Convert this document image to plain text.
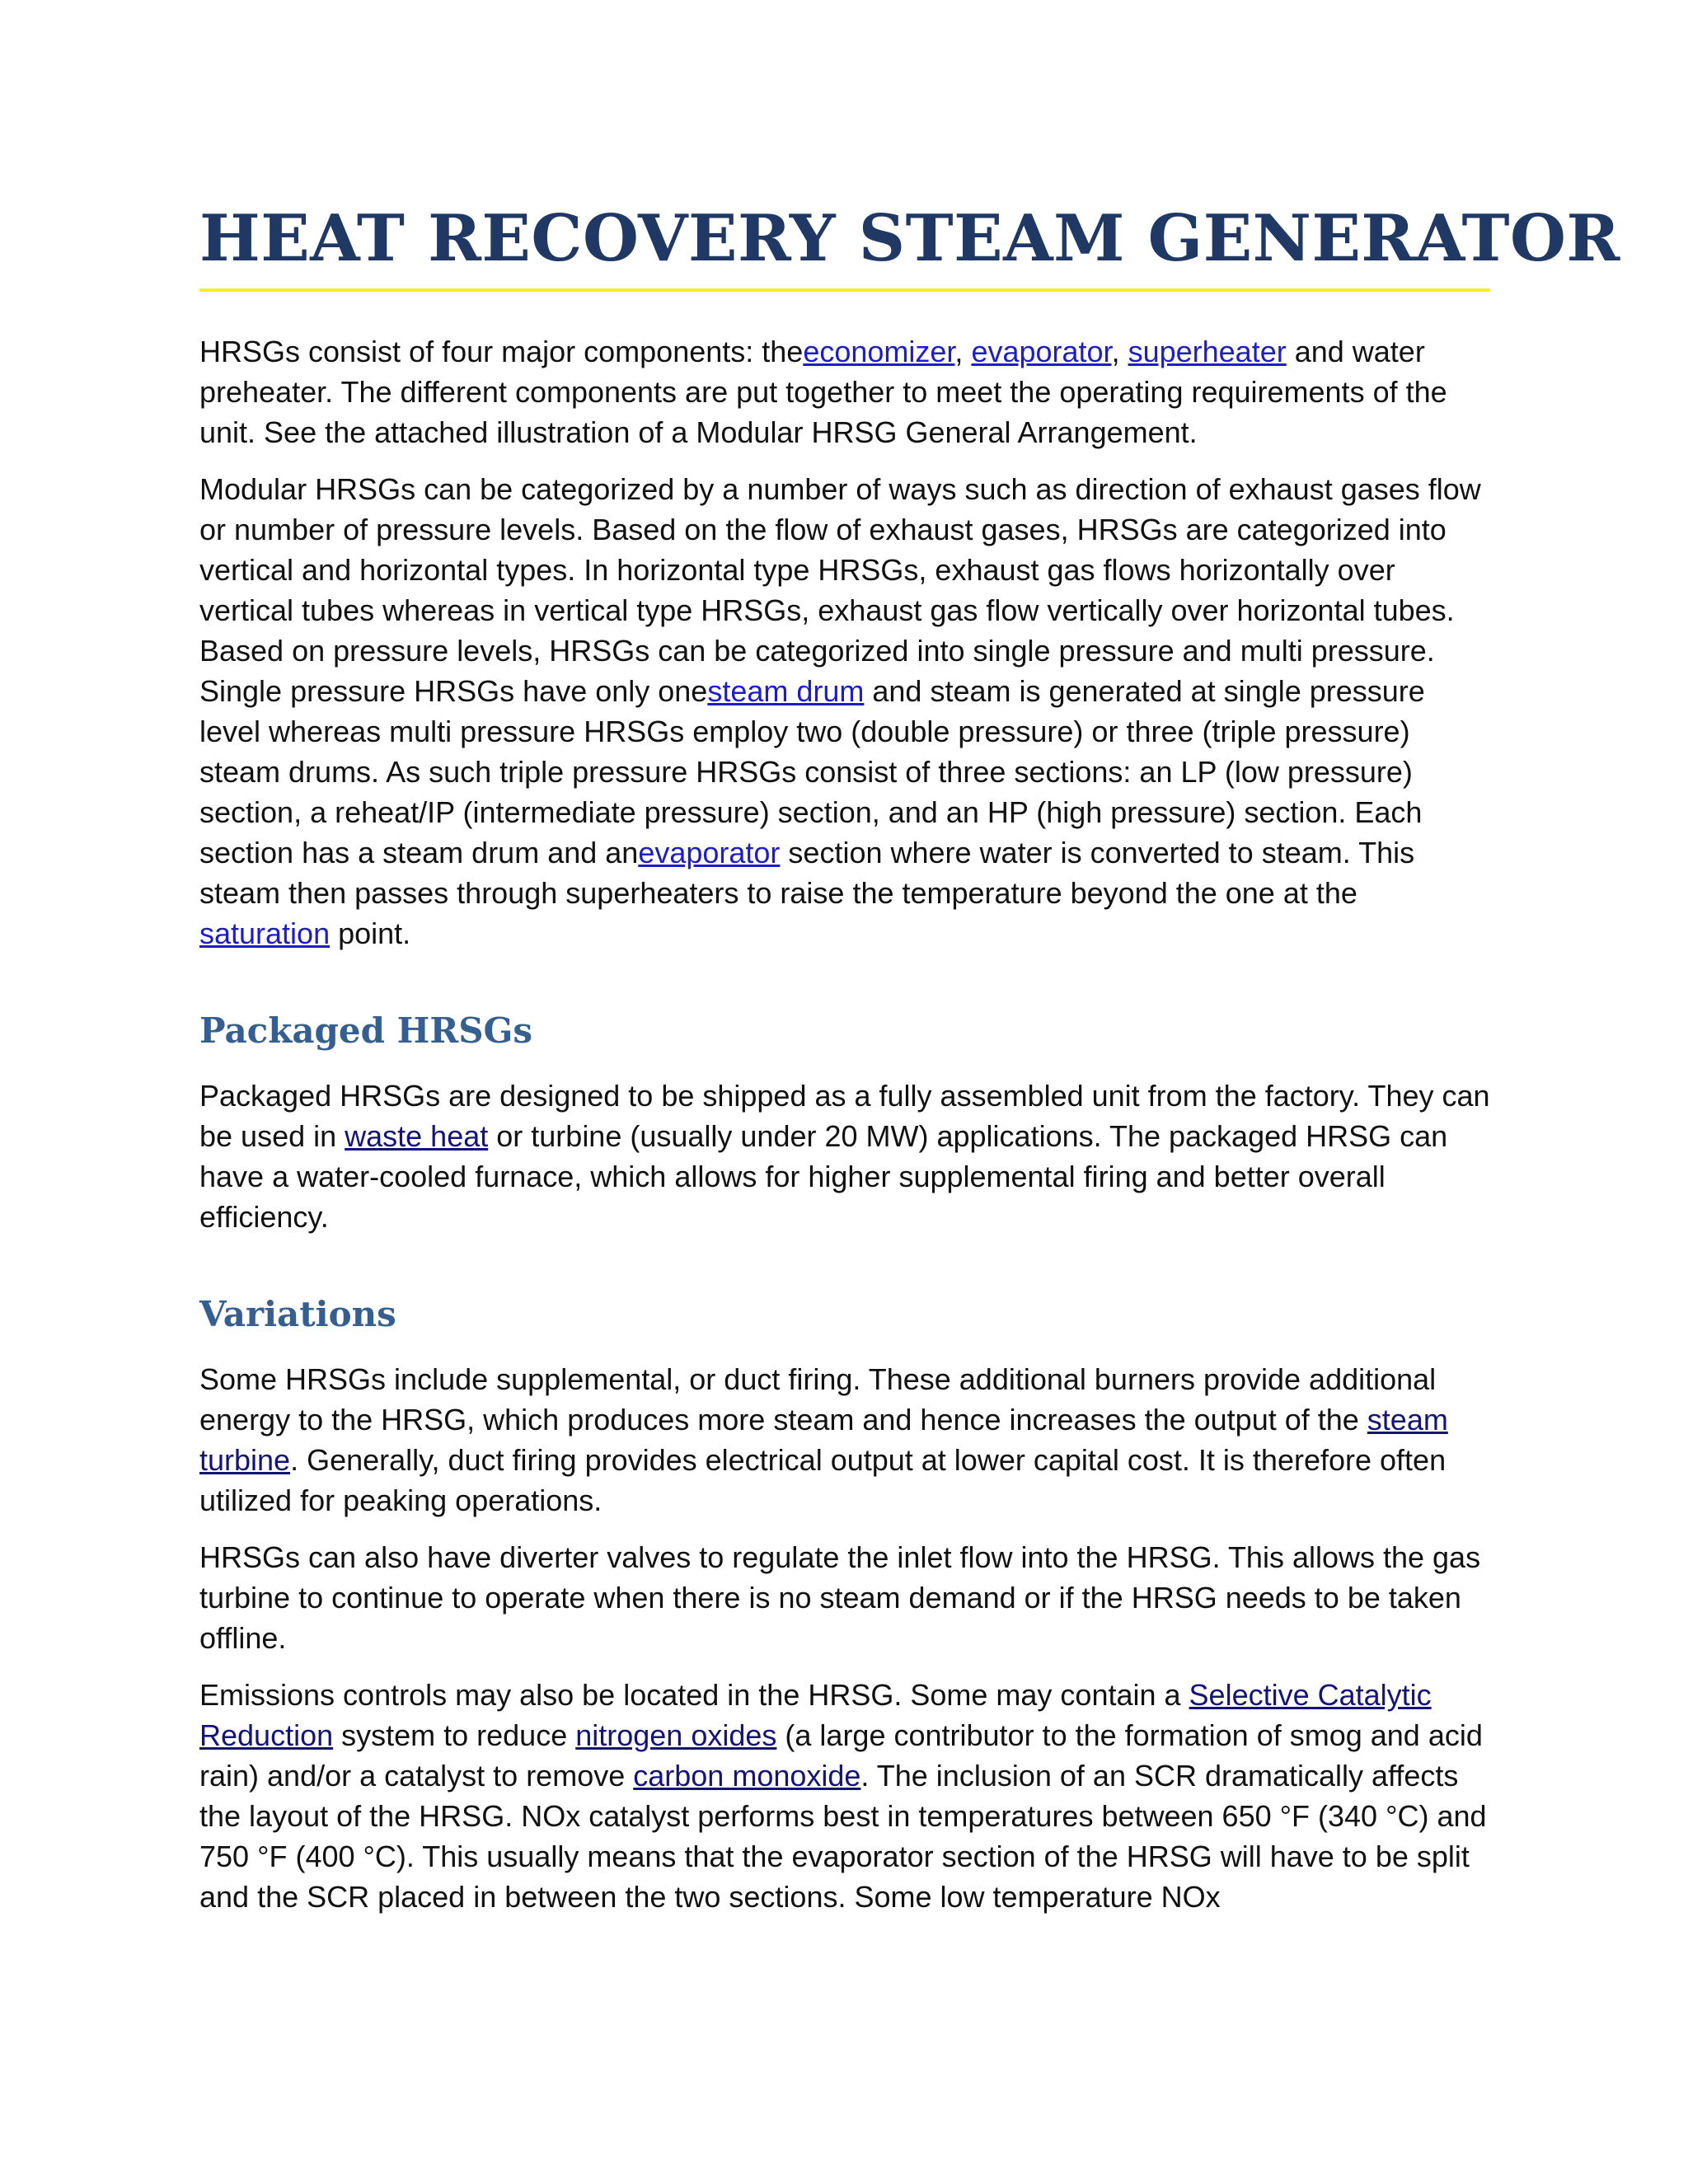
HEAT RECOVERY STEAM GENERATOR

HRSGs consist of four major components: theeconomizer, evaporator, superheater and water preheater. The different components are put together to meet the operating requirements of the unit. See the attached illustration of a Modular HRSG General Arrangement.

Modular HRSGs can be categorized by a number of ways such as direction of exhaust gases flow or number of pressure levels. Based on the flow of exhaust gases, HRSGs are categorized into vertical and horizontal types. In horizontal type HRSGs, exhaust gas flows horizontally over vertical tubes whereas in vertical type HRSGs, exhaust gas flow vertically over horizontal tubes. Based on pressure levels, HRSGs can be categorized into single pressure and multi pressure. Single pressure HRSGs have only onesteam drum and steam is generated at single pressure level whereas multi pressure HRSGs employ two (double pressure) or three (triple pressure) steam drums. As such triple pressure HRSGs consist of three sections: an LP (low pressure) section, a reheat/IP (intermediate pressure) section, and an HP (high pressure) section. Each section has a steam drum and anevaporator section where water is converted to steam. This steam then passes through superheaters to raise the temperature beyond the one at the saturation point.

Packaged HRSGs

Packaged HRSGs are designed to be shipped as a fully assembled unit from the factory. They can be used in waste heat or turbine (usually under 20 MW) applications. The packaged HRSG can have a water-cooled furnace, which allows for higher supplemental firing and better overall efficiency.

Variations

Some HRSGs include supplemental, or duct firing. These additional burners provide additional energy to the HRSG, which produces more steam and hence increases the output of the steam turbine. Generally, duct firing provides electrical output at lower capital cost. It is therefore often utilized for peaking operations.

HRSGs can also have diverter valves to regulate the inlet flow into the HRSG. This allows the gas turbine to continue to operate when there is no steam demand or if the HRSG needs to be taken offline.

Emissions controls may also be located in the HRSG. Some may contain a Selective Catalytic Reduction system to reduce nitrogen oxides (a large contributor to the formation of smog and acid rain) and/or a catalyst to remove carbon monoxide. The inclusion of an SCR dramatically affects the layout of the HRSG. NOx catalyst performs best in temperatures between 650 °F (340 °C) and 750 °F (400 °C). This usually means that the evaporator section of the HRSG will have to be split and the SCR placed in between the two sections. Some low temperature NOx
